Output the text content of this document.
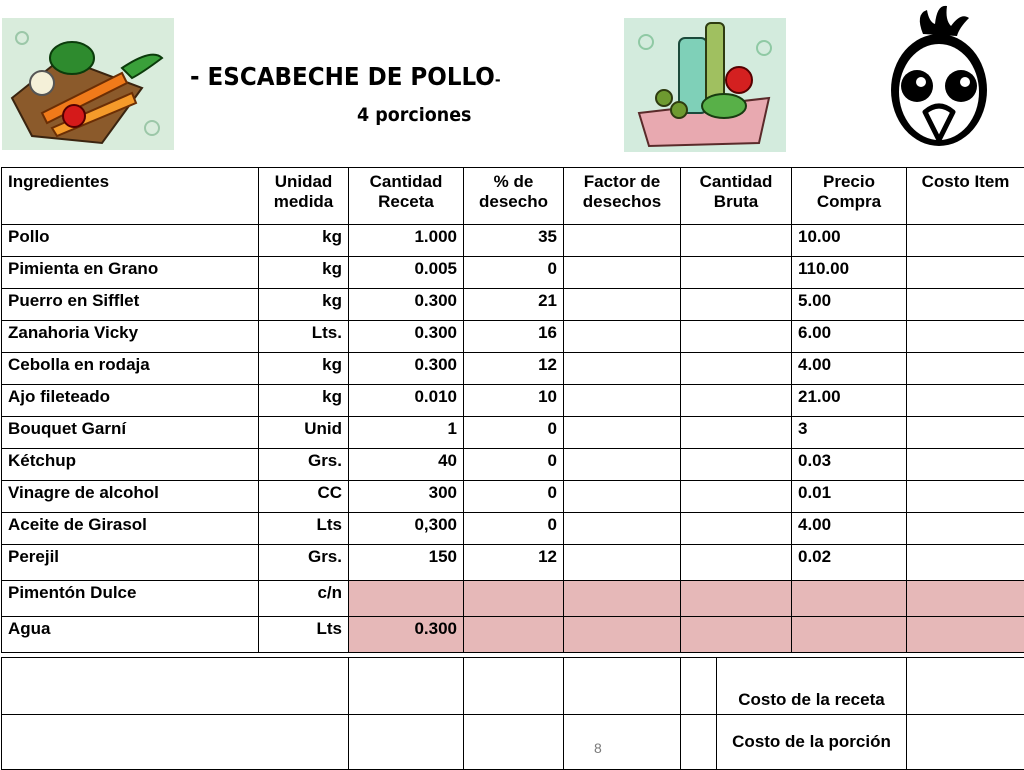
- ESCABECHE DE POLLO-
4 porciones
Ingredientes	Unidad medida	Cantidad Receta	% de desecho	Factor de desechos	Cantidad Bruta	Precio Compra	Costo Item
Pollo	kg	1.000	35			10.00	
Pimienta en Grano	kg	0.005	0			110.00	
Puerro en Sifflet	kg	0.300	21			5.00	
Zanahoria Vicky	Lts.	0.300	16			6.00	
Cebolla en rodaja	kg	0.300	12			4.00	
Ajo fileteado	kg	0.010	10			21.00	
Bouquet Garní	Unid	1	0			3	
Kétchup	Grs.	40	0			0.03	
Vinagre de alcohol	CC	300	0			0.01	
Aceite de Girasol	Lts	0,300	0			4.00	
Perejil	Grs.	150	12			0.02	
Pimentón Dulce	c/n						
Agua	Lts	0.300					
					Costo de la receta	
					Costo de la porción	
8
